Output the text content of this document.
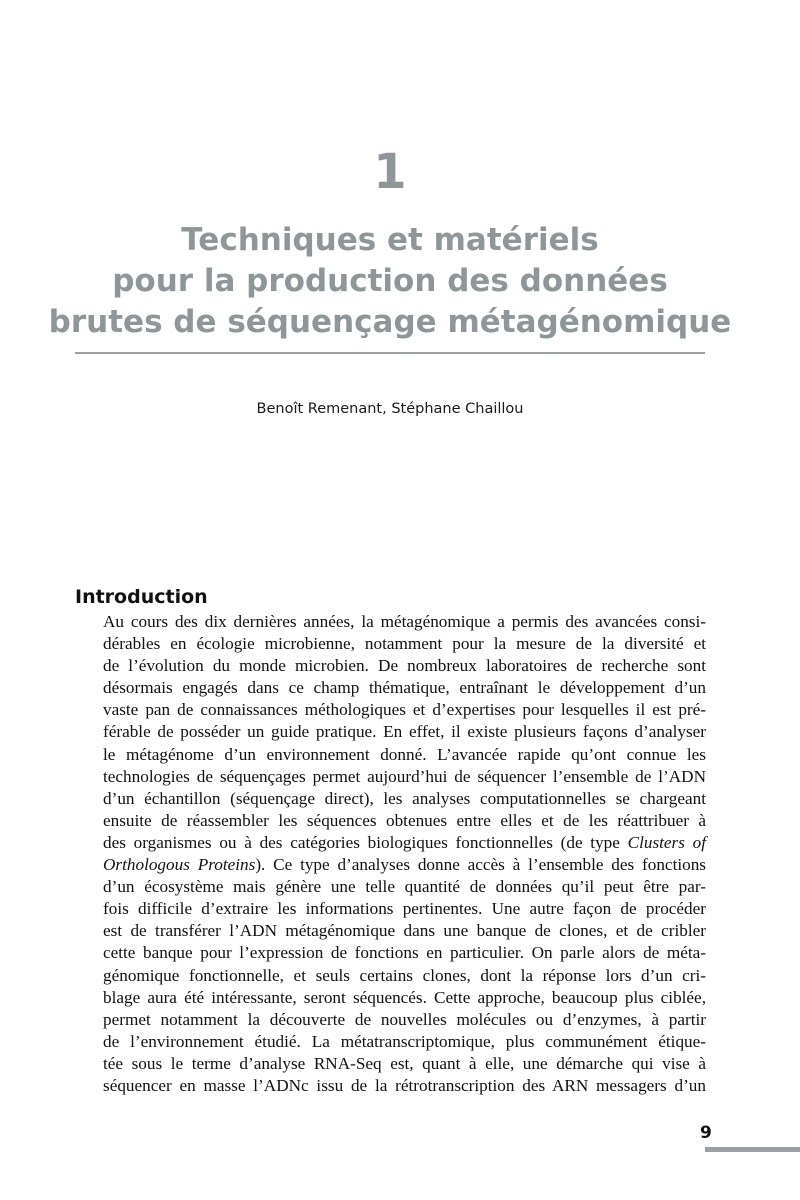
1
Techniques et matériels
pour la production des données
brutes de séquençage métagénomique
Benoît Remenant, Stéphane Chaillou
Introduction
Au cours des dix dernières années, la métagénomique a permis des avancées consi-
dérables en écologie microbienne, notamment pour la mesure de la diversité et
de l’évolution du monde microbien. De nombreux laboratoires de recherche sont
désormais engagés dans ce champ thématique, entraînant le développement d’un
vaste pan de connaissances méthologiques et d’expertises pour lesquelles il est pré-
férable de posséder un guide pratique. En effet, il existe plusieurs façons d’analyser
le métagénome d’un environnement donné. L’avancée rapide qu’ont connue les
technologies de séquençages permet aujourd’hui de séquencer l’ensemble de l’ADN
d’un échantillon (séquençage direct), les analyses computationnelles se chargeant
ensuite de réassembler les séquences obtenues entre elles et de les réattribuer à
des organismes ou à des catégories biologiques fonctionnelles (de type Clusters of
Orthologous Proteins). Ce type d’analyses donne accès à l’ensemble des fonctions
d’un écosystème mais génère une telle quantité de données qu’il peut être par-
fois difficile d’extraire les informations pertinentes. Une autre façon de procéder
est de transférer l’ADN métagénomique dans une banque de clones, et de cribler
cette banque pour l’expression de fonctions en particulier. On parle alors de méta-
génomique fonctionnelle, et seuls certains clones, dont la réponse lors d’un cri-
blage aura été intéressante, seront séquencés. Cette approche, beaucoup plus ciblée,
permet notamment la découverte de nouvelles molécules ou d’enzymes, à partir
de l’environnement étudié. La métatranscriptomique, plus communément étique-
tée sous le terme d’analyse RNA-Seq est, quant à elle, une démarche qui vise à
séquencer en masse l’ADNc issu de la rétrotranscription des ARN messagers d’un
9
